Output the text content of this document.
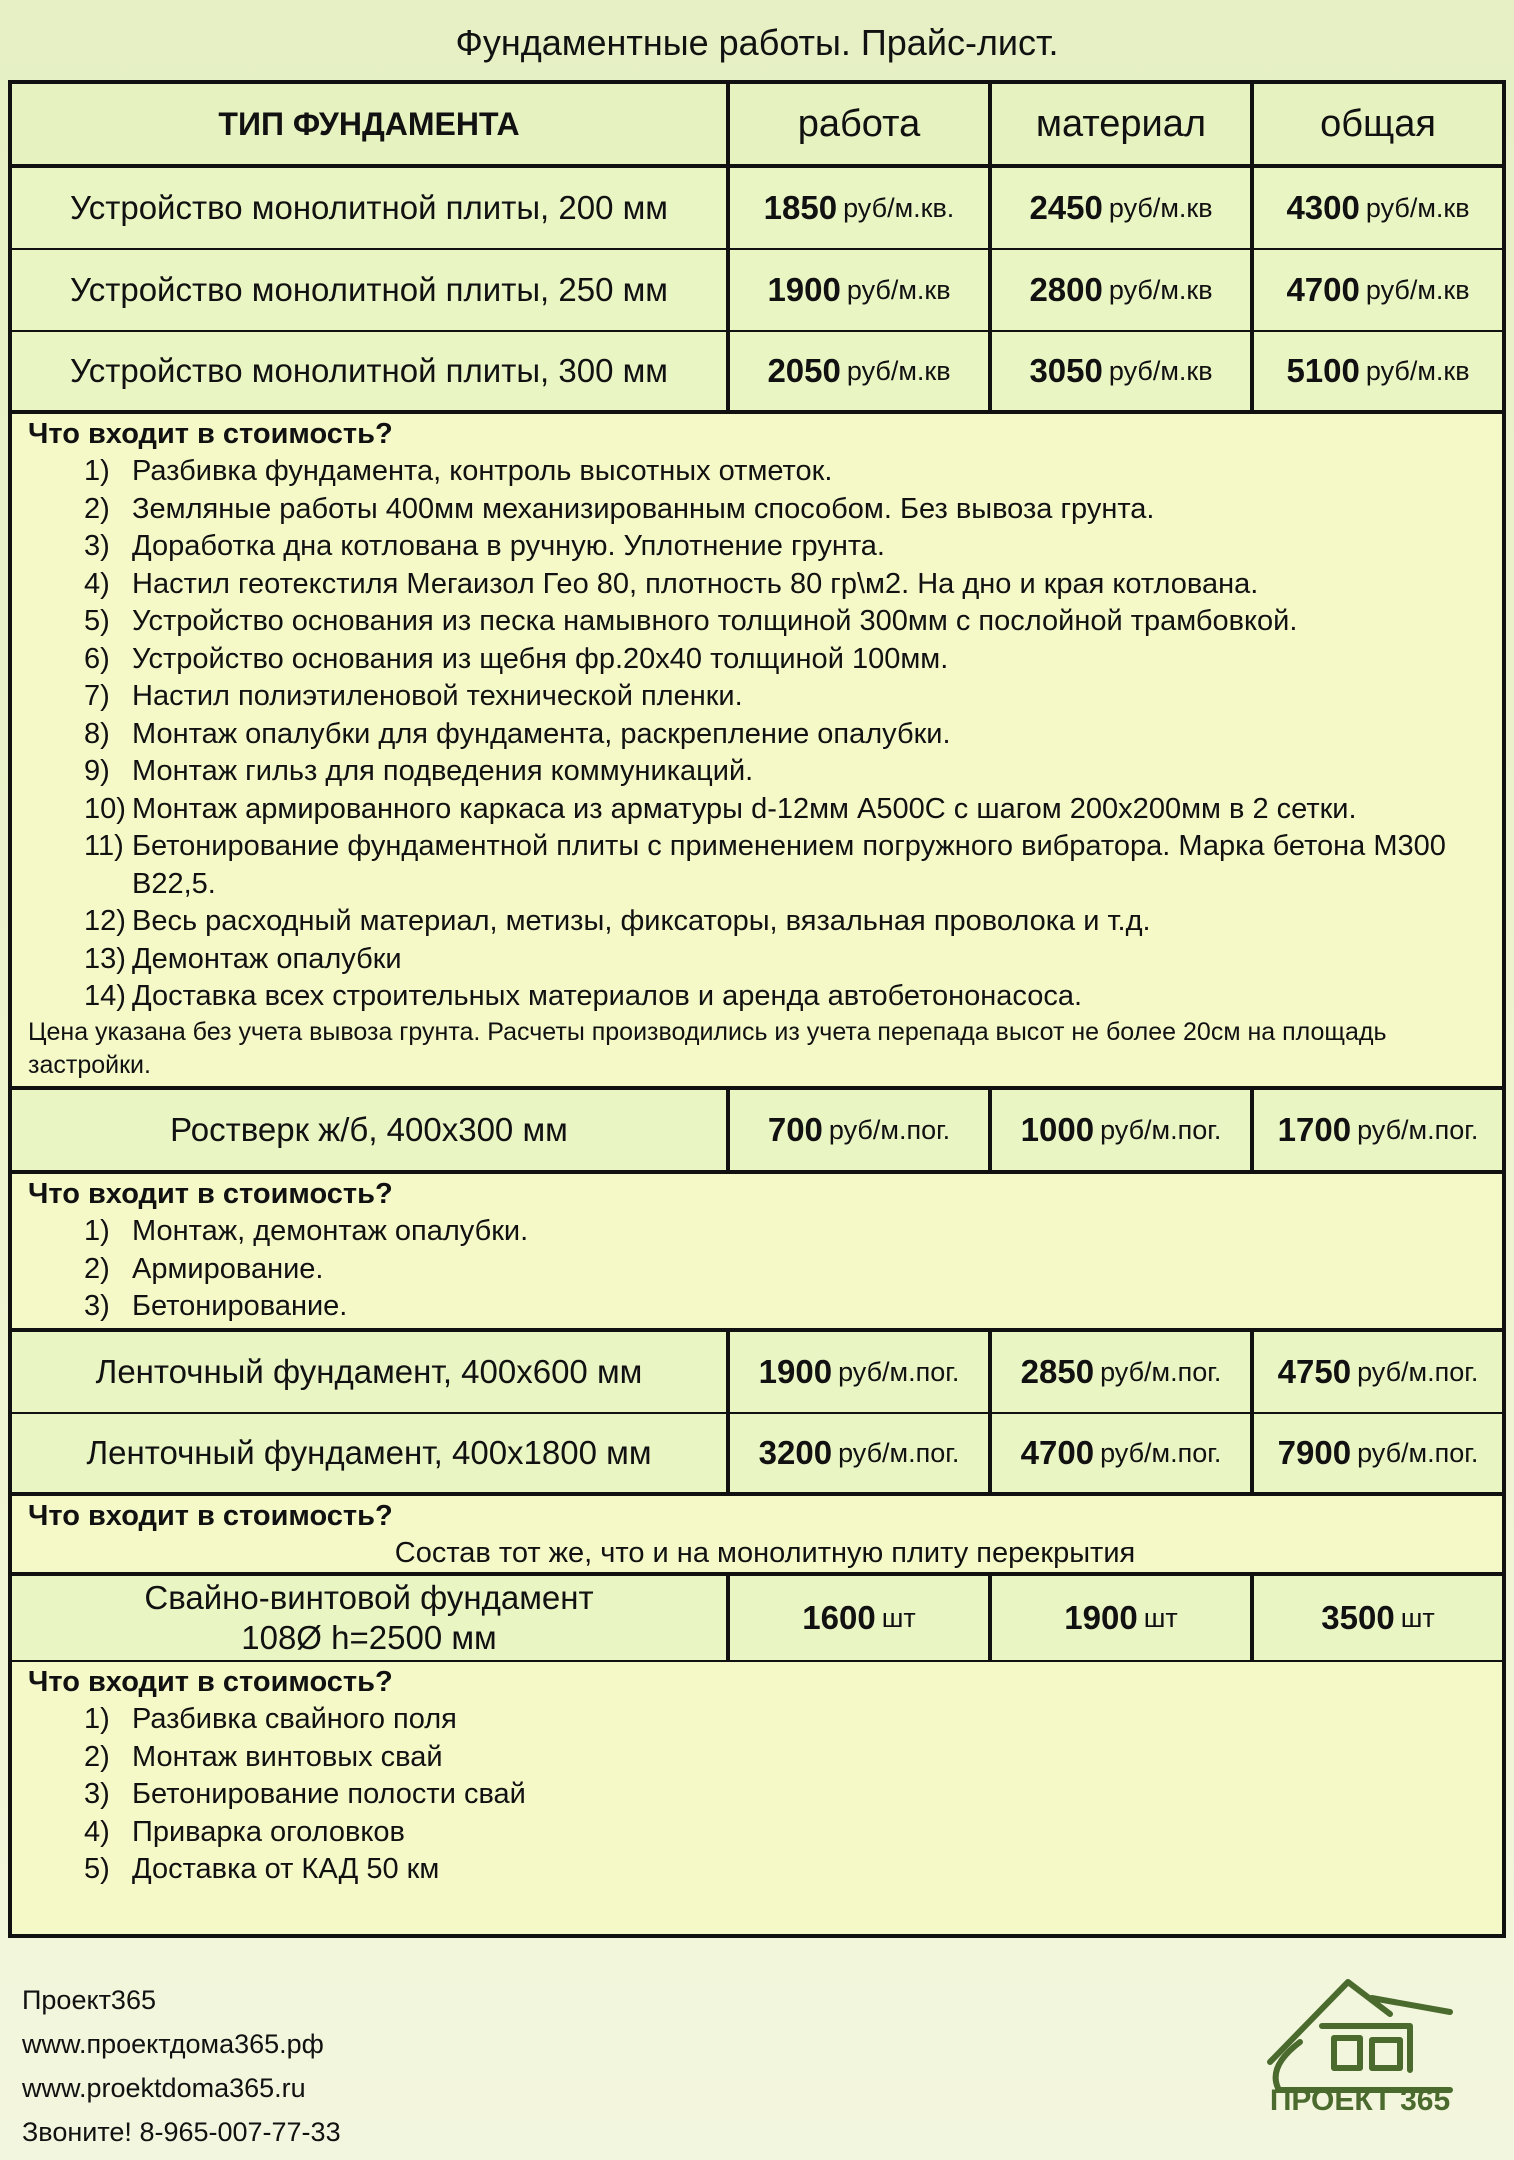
Фундаментные работы. Прайс-лист.
ТИП ФУНДАМЕНТА	работа	материал	общая
Устройство монолитной плиты, 200 мм	1850 руб/м.кв. 2450 руб/м.кв 4300 руб/м.кв
Устройство монолитной плиты, 250 мм	1900 руб/м.кв 2800 руб/м.кв 4700 руб/м.кв
Устройство монолитной плиты, 300 мм	2050 руб/м.кв 3050 руб/м.кв 5100 руб/м.кв
Что входит в стоимость?
1) Разбивка фундамента, контроль высотных отметок.
2) Земляные работы 400мм механизированным способом. Без вывоза грунта.
3) Доработка дна котлована в ручную. Уплотнение грунта.
4) Настил геотекстиля Мегаизол Гео 80, плотность 80 гр\м2. На дно и края котлована.
5) Устройство основания из песка намывного толщиной 300мм с послойной трамбовкой.
6) Устройство основания из щебня фр.20х40 толщиной 100мм.
7) Настил полиэтиленовой технической пленки.
8) Монтаж опалубки для фундамента, раскрепление опалубки.
9) Монтаж гильз для подведения коммуникаций.
10) Монтаж армированного каркаса из арматуры d-12мм А500С с шагом 200х200мм в 2 сетки.
11) Бетонирование фундаментной плиты с применением погружного вибратора. Марка бетона М300 В22,5.
12) Весь расходный материал, метизы, фиксаторы, вязальная проволока и т.д.
13) Демонтаж опалубки
14) Доставка всех строительных материалов и аренда автобетононасоса.
Цена указана без учета вывоза грунта. Расчеты производились из учета перепада высот не более 20см на площадь застройки.
Ростверк ж/б, 400х300 мм	700 руб/м.пог. 1000 руб/м.пог. 1700 руб/м.пог.
Что входит в стоимость?
1) Монтаж, демонтаж опалубки.
2) Армирование.
3) Бетонирование.
Ленточный фундамент, 400х600 мм	1900 руб/м.пог. 2850 руб/м.пог. 4750 руб/м.пог.
Ленточный фундамент, 400х1800 мм	3200 руб/м.пог. 4700 руб/м.пог. 7900 руб/м.пог.
Что входит в стоимость?
Состав тот же, что и на монолитную плиту перекрытия
Свайно-винтовой фундамент
108Ø h=2500 мм
1600 шт	1900 шт	3500 шт
Что входит в стоимость?
1) Разбивка свайного поля
2) Монтаж винтовых свай
3) Бетонирование полости свай
4) Приварка оголовков
5) Доставка от КАД 50 км
Проект365
www.проектдома365.рф
www.proektdoma365.ru
Звоните! 8-965-007-77-33
ПРОЕКТ 365
